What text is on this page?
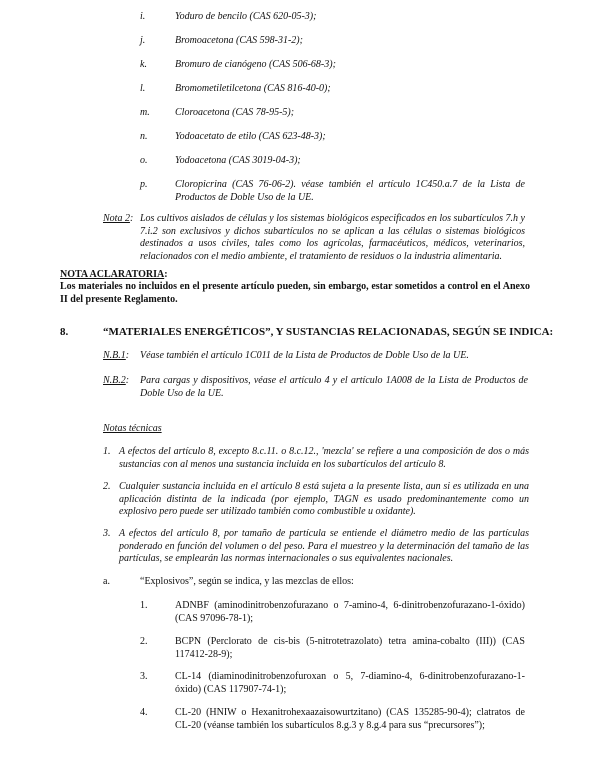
i.	Yoduro de bencilo (CAS 620-05-3);

j.	Bromoacetona (CAS 598-31-2);

k.	Bromuro de cianógeno (CAS 506-68-3);

l.	Bromometiletilcetona (CAS 816-40-0);

m.	Cloroacetona (CAS 78-95-5);

n.	Yodoacetato de etilo (CAS 623-48-3);

o.	Yodoacetona (CAS 3019-04-3);

p.	Cloropicrina (CAS 76-06-2). véase también el artículo 1C450.a.7 de la Lista de Productos de Doble Uso de la UE.

Nota 2: Los cultivos aislados de células y los sistemas biológicos especificados en los subartículos 7.h y 7.i.2 son exclusivos y dichos subartículos no se aplican a las células o sistemas biológicos destinados a usos civiles, tales como los agrícolas, farmacéuticos, médicos, veterinarios, relacionados con el medio ambiente, el tratamiento de residuos o la industria alimentaria.

NOTA ACLARATORIA:

Los materiales no incluidos en el presente artículo pueden, sin embargo, estar sometidos a control en el Anexo II del presente Reglamento.

8.	“MATERIALES ENERGÉTICOS”, Y SUSTANCIAS RELACIONADAS, SEGÚN SE INDICA:

N.B.1: Véase también el artículo 1C011 de la Lista de Productos de Doble Uso de la UE.

N.B.2: Para cargas y dispositivos, véase el artículo 4 y el artículo 1A008 de la Lista de Productos de Doble Uso de la UE.

Notas técnicas

1. A efectos del artículo 8, excepto 8.c.11. o 8.c.12., 'mezcla' se refiere a una composición de dos o más sustancias con al menos una sustancia incluida en los subartículos del artículo 8.

2. Cualquier sustancia incluida en el artículo 8 está sujeta a la presente lista, aun si es utilizada en una aplicación distinta de la indicada (por ejemplo, TAGN es usado predominantemente como un explosivo pero puede ser utilizado también como combustible u oxidante).

3. A efectos del artículo 8, por tamaño de partícula se entiende el diámetro medio de las partículas ponderado en función del volumen o del peso. Para el muestreo y la determinación del tamaño de las partículas, se emplearán las normas internacionales o sus equivalentes nacionales.

a.	“Explosivos”, según se indica, y las mezclas de ellos:

1.	ADNBF (aminodinitrobenzofurazano o 7-amino-4, 6-dinitrobenzofurazano-1-óxido) (CAS 97096-78-1);

2.	BCPN (Perclorato de cis-bis (5-nitrotetrazolato) tetra amina-cobalto (III)) (CAS 117412-28-9);

3.	CL-14 (diaminodinitrobenzofuroxan o 5, 7-diamino-4, 6-dinitrobenzofurazano-1-óxido) (CAS 117907-74-1);

4.	CL-20 (HNIW o Hexanitrohexaazaisowurtzitano) (CAS 135285-90-4); clatratos de CL-20 (véanse también los subartículos 8.g.3 y 8.g.4 para sus “precursores”);
